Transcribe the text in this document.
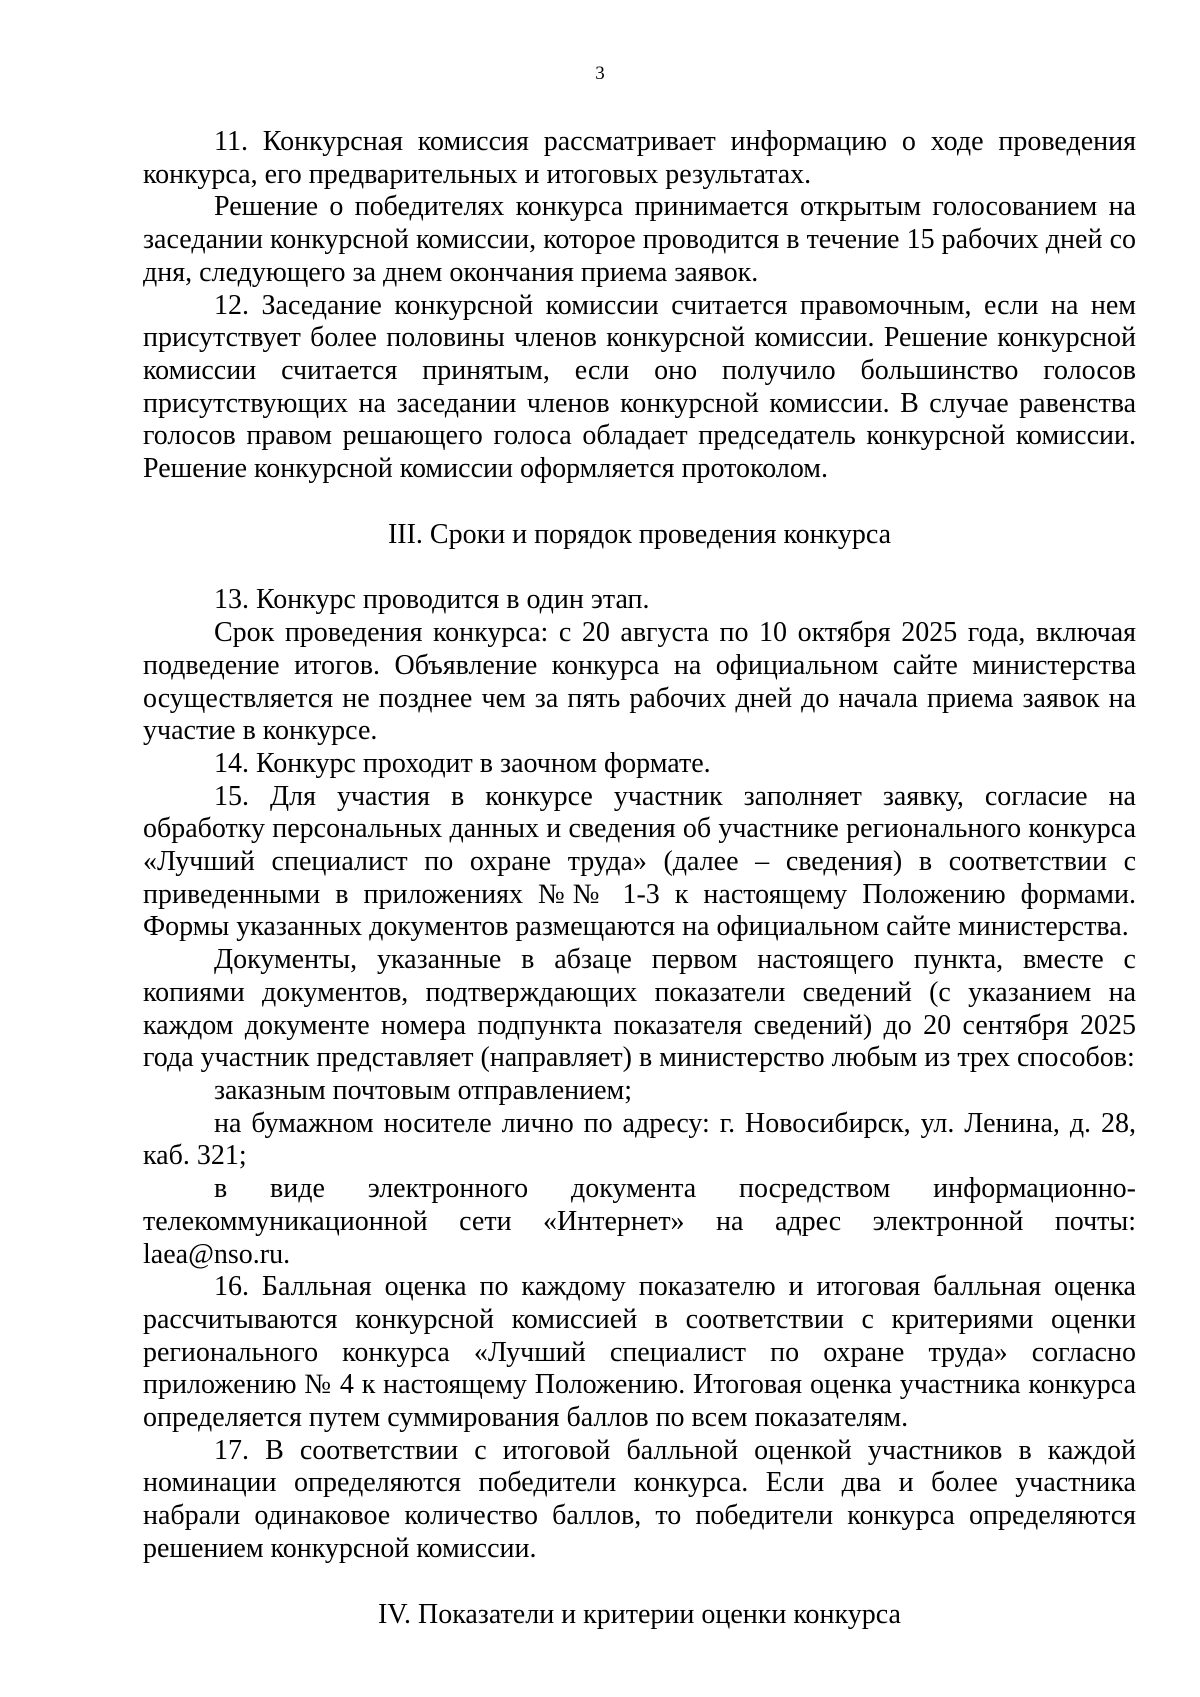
3

11. Конкурсная комиссия рассматривает информацию о ходе проведения конкурса, его предварительных и итоговых результатах.

Решение о победителях конкурса принимается открытым голосованием на заседании конкурсной комиссии, которое проводится в течение 15 рабочих дней со дня, следующего за днем окончания приема заявок.

12. Заседание конкурсной комиссии считается правомочным, если на нем присутствует более половины членов конкурсной комиссии. Решение конкурсной комиссии считается принятым, если оно получило большинство голосов присутствующих на заседании членов конкурсной комиссии. В случае равенства голосов правом решающего голоса обладает председатель конкурсной комиссии. Решение конкурсной комиссии оформляется протоколом.

III. Сроки и порядок проведения конкурса

13. Конкурс проводится в один этап.

Срок проведения конкурса: с 20 августа по 10 октября 2025 года, включая подведение итогов. Объявление конкурса на официальном сайте министерства осуществляется не позднее чем за пять рабочих дней до начала приема заявок на участие в конкурсе.

14. Конкурс проходит в заочном формате.

15. Для участия в конкурсе участник заполняет заявку, согласие на обработку персональных данных и сведения об участнике регионального конкурса «Лучший специалист по охране труда» (далее – сведения) в соответствии с приведенными в приложениях №№ 1-3 к настоящему Положению формами. Формы указанных документов размещаются на официальном сайте министерства.

Документы, указанные в абзаце первом настоящего пункта, вместе с копиями документов, подтверждающих показатели сведений (с указанием на каждом документе номера подпункта показателя сведений) до 20 сентября 2025 года участник представляет (направляет) в министерство любым из трех способов:

заказным почтовым отправлением;

на бумажном носителе лично по адресу: г. Новосибирск, ул. Ленина, д. 28, каб. 321;

в виде электронного документа посредством информационно-телекоммуникационной сети «Интернет» на адрес электронной почты: laea@nso.ru.

16. Балльная оценка по каждому показателю и итоговая балльная оценка рассчитываются конкурсной комиссией в соответствии с критериями оценки регионального конкурса «Лучший специалист по охране труда» согласно приложению № 4 к настоящему Положению. Итоговая оценка участника конкурса определяется путем суммирования баллов по всем показателям.

17. В соответствии с итоговой балльной оценкой участников в каждой номинации определяются победители конкурса. Если два и более участника набрали одинаковое количество баллов, то победители конкурса определяются решением конкурсной комиссии.

IV. Показатели и критерии оценки конкурса
